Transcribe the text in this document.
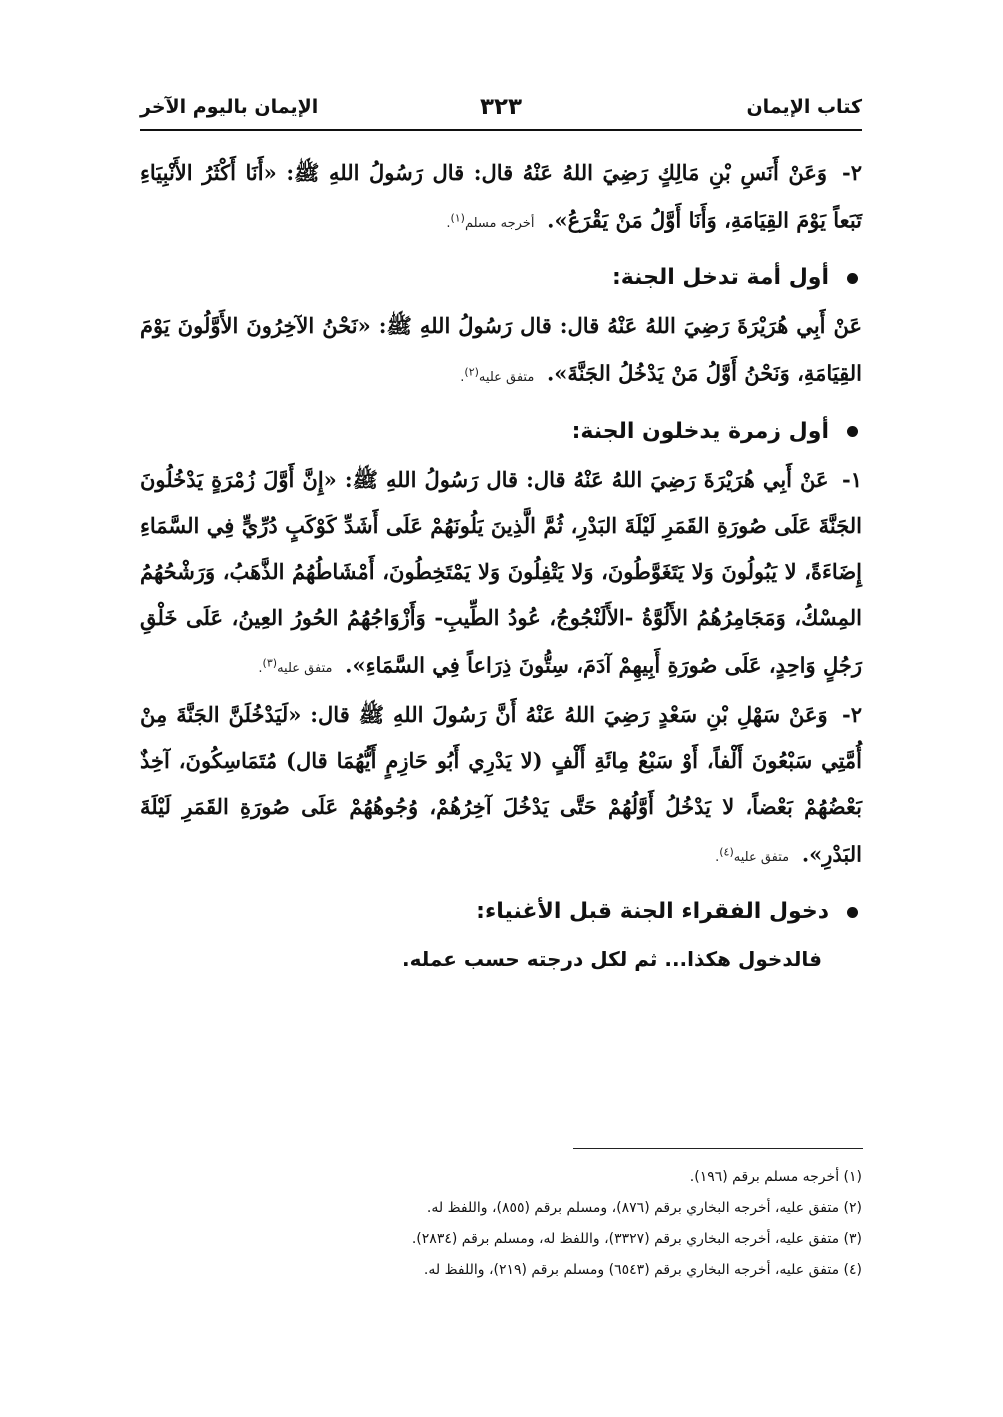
كتاب الإيمان
٣٢٣
الإيمان باليوم الآخر

٢- وَعَنْ أَنَسِ بْنِ مَالِكٍ رَضِيَ اللهُ عَنْهُ قال: قال رَسُولُ اللهِ ﷺ: «أَنَا أَكْثَرُ الأَنْبِيَاءِ تَبَعاً يَوْمَ القِيَامَةِ، وَأَنَا أَوَّلُ مَنْ يَقْرَعُ». أخرجه مسلم$^{(١)}$.

أول أمة تدخل الجنة:

عَنْ أَبِي هُرَيْرَةَ رَضِيَ اللهُ عَنْهُ قال: قال رَسُولُ اللهِ ﷺ: «نَحْنُ الآخِرُونَ الأَوَّلُونَ يَوْمَ القِيَامَةِ، وَنَحْنُ أَوَّلُ مَنْ يَدْخُلُ الجَنَّةَ». متفق عليه$^{(٢)}$.

أول زمرة يدخلون الجنة:

١- عَنْ أَبِي هُرَيْرَةَ رَضِيَ اللهُ عَنْهُ قال: قال رَسُولُ اللهِ ﷺ: «إِنَّ أَوَّلَ زُمْرَةٍ يَدْخُلُونَ الجَنَّةَ عَلَى صُورَةِ القَمَرِ لَيْلَةَ البَدْرِ، ثُمَّ الَّذِينَ يَلُونَهُمْ عَلَى أَشَدِّ كَوْكَبٍ دُرِّيٍّ فِي السَّمَاءِ إِضَاءَةً، لا يَبُولُونَ وَلا يَتَغَوَّطُونَ، وَلا يَتْفِلُونَ وَلا يَمْتَخِطُونَ، أَمْشَاطُهُمُ الذَّهَبُ، وَرَشْحُهُمُ المِسْكُ، وَمَجَامِرُهُمُ الأَلُوَّةُ -الأَلَنْجُوجُ، عُودُ الطِّيبِ- وَأَزْوَاجُهُمُ الحُورُ العِينُ، عَلَى خَلْقِ رَجُلٍ وَاحِدٍ، عَلَى صُورَةِ أَبِيهِمْ آدَمَ، سِتُّونَ ذِرَاعاً فِي السَّمَاءِ». متفق عليه$^{(٣)}$.

٢- وَعَنْ سَهْلِ بْنِ سَعْدٍ رَضِيَ اللهُ عَنْهُ أَنَّ رَسُولَ اللهِ ﷺ قال: «لَيَدْخُلَنَّ الجَنَّةَ مِنْ أُمَّتِي سَبْعُونَ أَلْفاً، أَوْ سَبْعُ مِائَةِ أَلْفٍ (لا يَدْرِي أَبُو حَازِمٍ أَيُّهُمَا قال) مُتَمَاسِكُونَ، آخِذٌ بَعْضُهُمْ بَعْضاً، لا يَدْخُلُ أَوَّلُهُمْ حَتَّى يَدْخُلَ آخِرُهُمْ، وُجُوهُهُمْ عَلَى صُورَةِ القَمَرِ لَيْلَةَ البَدْرِ». متفق عليه$^{(٤)}$.

دخول الفقراء الجنة قبل الأغنياء:

فالدخول هكذا... ثم لكل درجته حسب عمله.

(١) أخرجه مسلم برقم (١٩٦).

(٢) متفق عليه، أخرجه البخاري برقم (٨٧٦)، ومسلم برقم (٨٥٥)، واللفظ له.

(٣) متفق عليه، أخرجه البخاري برقم (٣٣٢٧)، واللفظ له، ومسلم برقم (٢٨٣٤).

(٤) متفق عليه، أخرجه البخاري برقم (٦٥٤٣) ومسلم برقم (٢١٩)، واللفظ له.
